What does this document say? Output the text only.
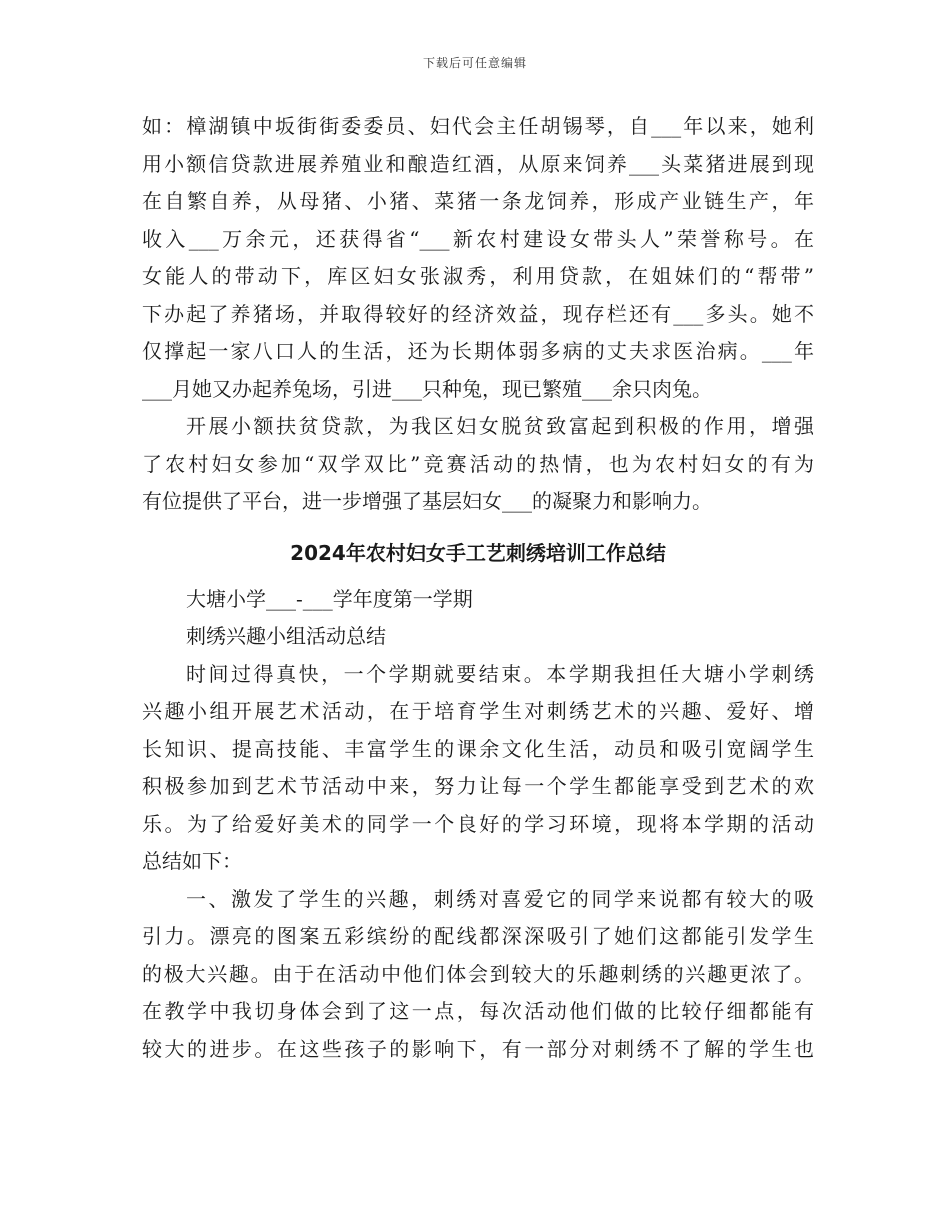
下载后可任意编辑
如：樟湖镇中坂街街委委员、妇代会主任胡锡琴，自___年以来，她利
用小额信贷款进展养殖业和酿造红酒，从原来饲养___头菜猪进展到现
在自繁自养，从母猪、小猪、菜猪一条龙饲养，形成产业链生产，年
收入___万余元，还获得省“___新农村建设女带头人”荣誉称号。在
女能人的带动下，库区妇女张淑秀，利用贷款，在姐妹们的“帮带”
下办起了养猪场，并取得较好的经济效益，现存栏还有___多头。她不
仅撑起一家八口人的生活，还为长期体弱多病的丈夫求医治病。___年
___月她又办起养兔场，引进___只种兔，现已繁殖___余只肉兔。
开展小额扶贫贷款，为我区妇女脱贫致富起到积极的作用，增强
了农村妇女参加“双学双比”竞赛活动的热情，也为农村妇女的有为
有位提供了平台，进一步增强了基层妇女___的凝聚力和影响力。
2024年农村妇女手工艺刺绣培训工作总结
大塘小学___-___学年度第一学期
刺绣兴趣小组活动总结
时间过得真快，一个学期就要结束。本学期我担任大塘小学刺绣
兴趣小组开展艺术活动，在于培育学生对刺绣艺术的兴趣、爱好、增
长知识、提高技能、丰富学生的课余文化生活，动员和吸引宽阔学生
积极参加到艺术节活动中来，努力让每一个学生都能享受到艺术的欢
乐。为了给爱好美术的同学一个良好的学习环境，现将本学期的活动
总结如下：
一、激发了学生的兴趣，刺绣对喜爱它的同学来说都有较大的吸
引力。漂亮的图案五彩缤纷的配线都深深吸引了她们这都能引发学生
的极大兴趣。由于在活动中他们体会到较大的乐趣刺绣的兴趣更浓了。
在教学中我切身体会到了这一点，每次活动他们做的比较仔细都能有
较大的进步。在这些孩子的影响下，有一部分对刺绣不了解的学生也
